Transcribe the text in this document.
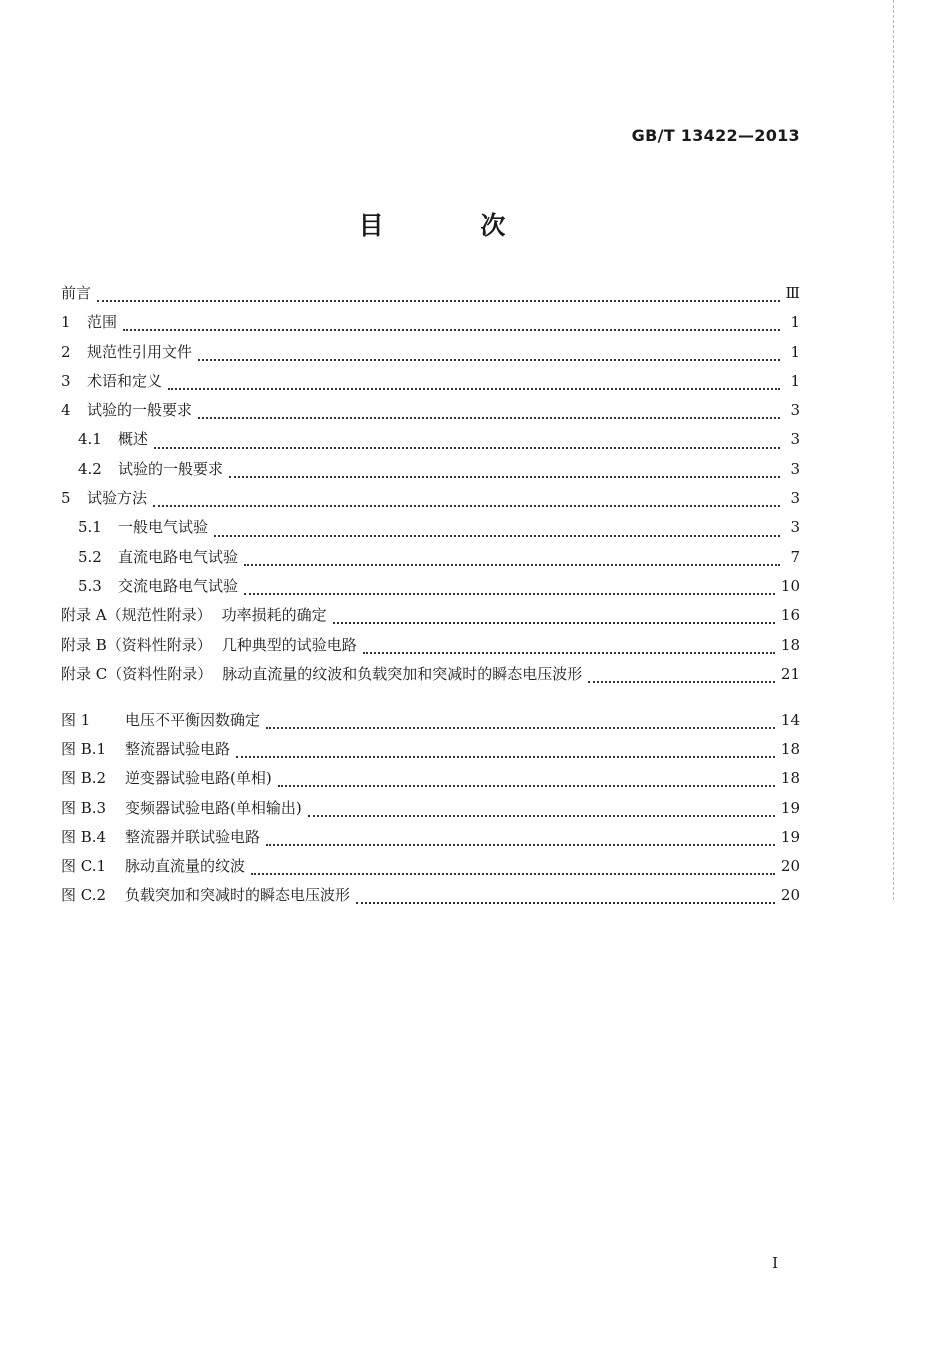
GB/T 13422—2013
目 次
前言	Ⅲ
1	范围	1
2	规范性引用文件	1
3	术语和定义	1
4	试验的一般要求	3
4.1	概述	3
4.2	试验的一般要求	3
5	试验方法	3
5.1	一般电气试验	3
5.2	直流电路电气试验	7
5.3	交流电路电气试验	10
附录 A（规范性附录） 功率损耗的确定	16
附录 B（资料性附录） 几种典型的试验电路	18
附录 C（资料性附录） 脉动直流量的纹波和负载突加和突减时的瞬态电压波形	21
图 1	电压不平衡因数确定	14
图 B.1	整流器试验电路	18
图 B.2	逆变器试验电路(单相)	18
图 B.3	变频器试验电路(单相输出)	19
图 B.4	整流器并联试验电路	19
图 C.1	脉动直流量的纹波	20
图 C.2	负载突加和突减时的瞬态电压波形	20
I
